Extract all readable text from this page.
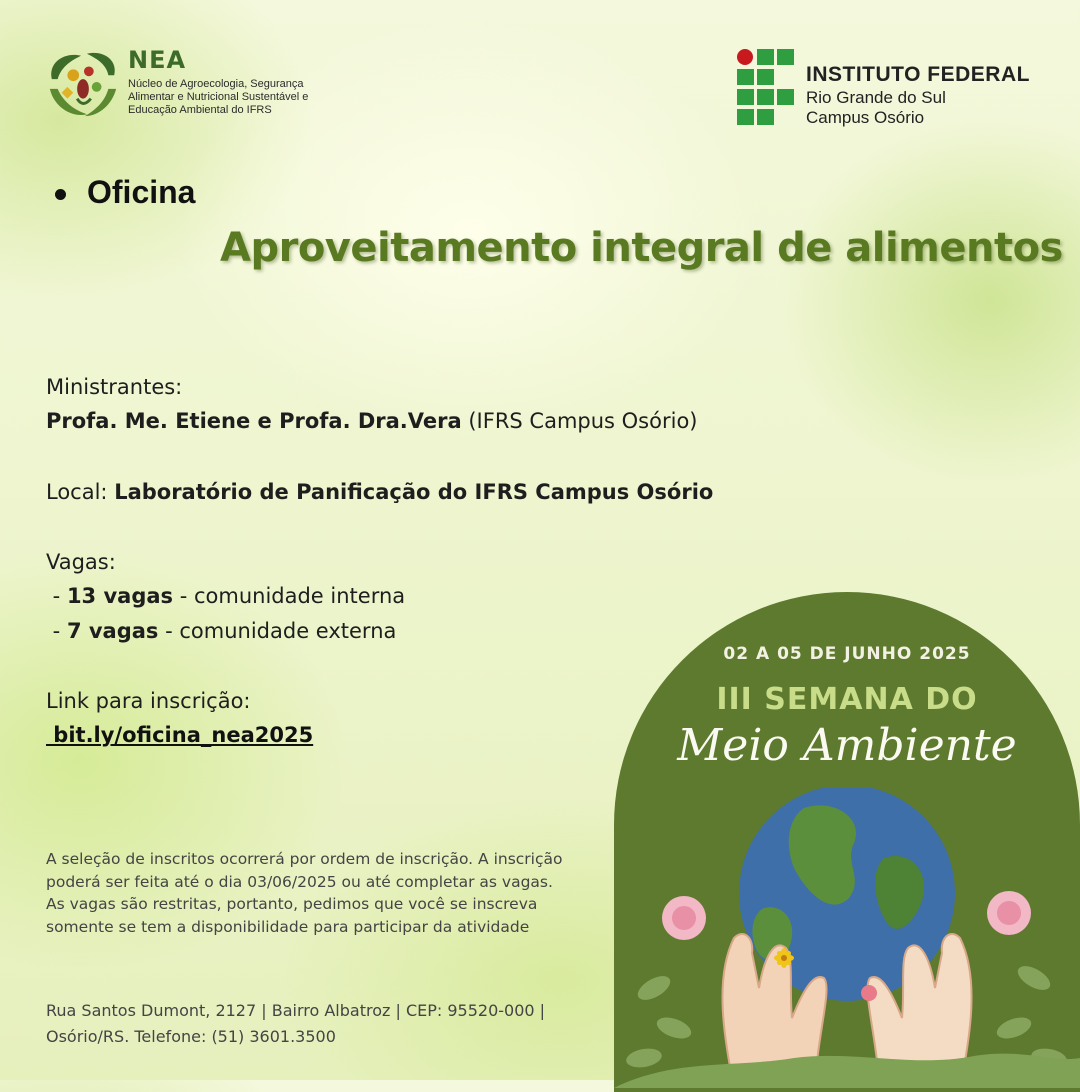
NEA
Núcleo de Agroecologia, Segurança Alimentar e Nutricional Sustentável e Educação Ambiental do IFRS
INSTITUTO FEDERAL
Rio Grande do Sul
Campus Osório
Oficina
Aproveitamento integral de alimentos
Ministrantes:
Profa. Me. Etiene e Profa. Dra.Vera (IFRS Campus Osório)
Local: Laboratório de Panificação do IFRS Campus Osório
Vagas:
- 13 vagas - comunidade interna
- 7 vagas - comunidade externa
Link para inscrição:
bit.ly/oficina_nea2025
A seleção de inscritos ocorrerá por ordem de inscrição. A inscrição poderá ser feita até o dia 03/06/2025 ou até completar as vagas. As vagas são restritas, portanto, pedimos que você se inscreva somente se tem a disponibilidade para participar da atividade
Rua Santos Dumont, 2127 | Bairro Albatroz | CEP: 95520-000 | Osório/RS. Telefone: (51) 3601.3500
02 A 05 DE JUNHO 2025
III SEMANA DO
Meio Ambiente
